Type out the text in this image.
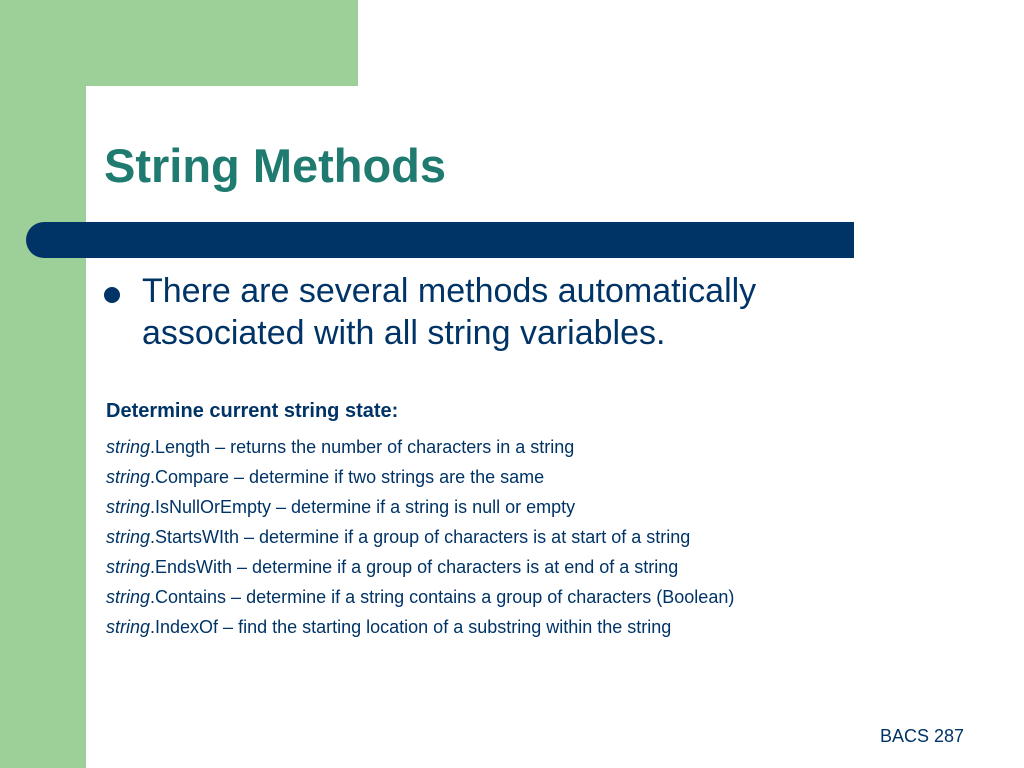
String Methods
There are several methods automatically associated with all string variables.
Determine current string state:
string.Length – returns the number of characters in a string
string.Compare – determine if two strings are the same
string.IsNullOrEmpty – determine if a string is null or empty
string.StartsWIth – determine if a group of characters is at start of a string
string.EndsWith – determine if a group of characters is at end of a string
string.Contains – determine if a string contains a group of characters (Boolean)
string.IndexOf – find the starting location of a substring within the string
BACS 287
